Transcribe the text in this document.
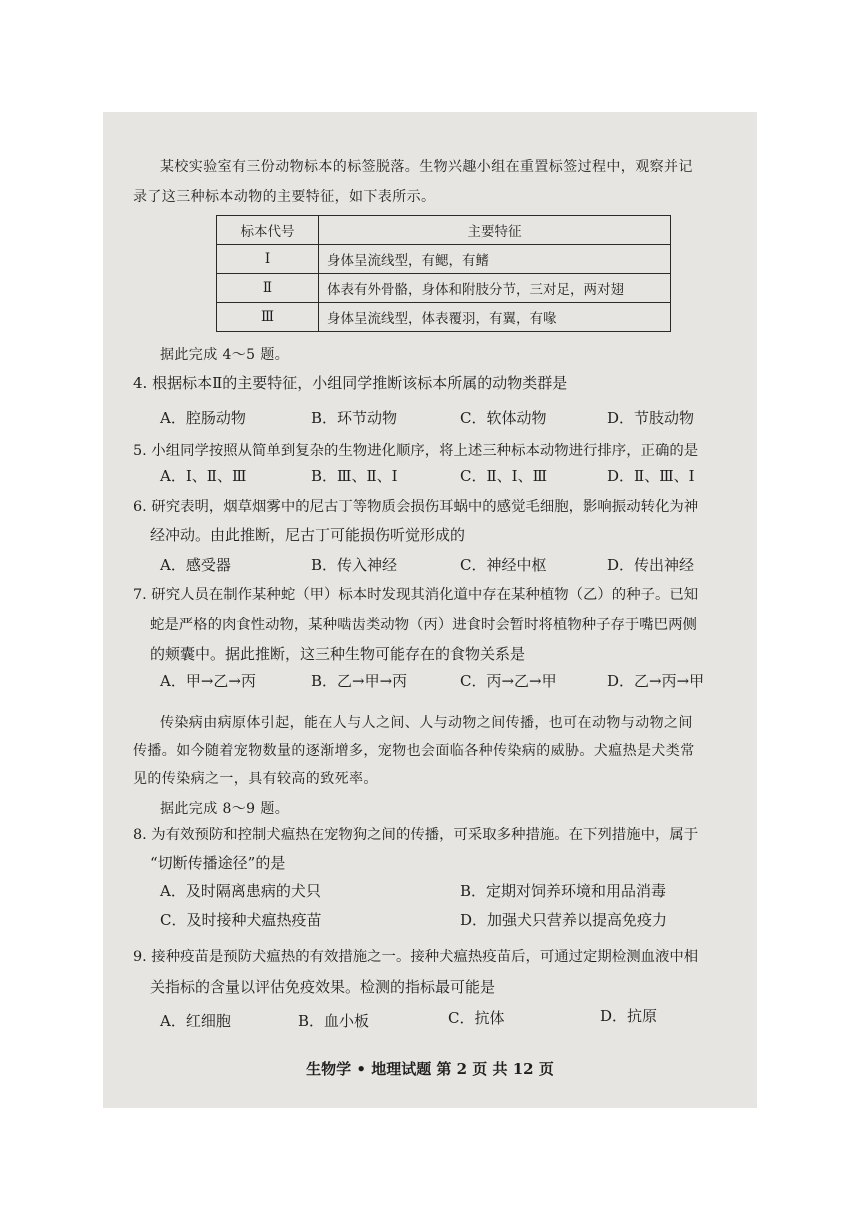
某校实验室有三份动物标本的标签脱落。生物兴趣小组在重置标签过程中，观察并记
录了这三种标本动物的主要特征，如下表所示。
标本代号	主要特征
Ⅰ	身体呈流线型，有鳃，有鳍
Ⅱ	体表有外骨骼，身体和附肢分节，三对足，两对翅
Ⅲ	身体呈流线型，体表覆羽，有翼，有喙
据此完成 4～5 题。
4. 根据标本Ⅱ的主要特征，小组同学推断该标本所属的动物类群是
A．腔肠动物	B．环节动物	C．软体动物	D．节肢动物
5. 小组同学按照从简单到复杂的生物进化顺序，将上述三种标本动物进行排序，正确的是
A．Ⅰ、Ⅱ、Ⅲ	B．Ⅲ、Ⅱ、Ⅰ	C．Ⅱ、Ⅰ、Ⅲ	D．Ⅱ、Ⅲ、Ⅰ
6. 研究表明，烟草烟雾中的尼古丁等物质会损伤耳蜗中的感觉毛细胞，影响振动转化为神
经冲动。由此推断，尼古丁可能损伤听觉形成的
A．感受器	B．传入神经	C．神经中枢	D．传出神经
7. 研究人员在制作某种蛇（甲）标本时发现其消化道中存在某种植物（乙）的种子。已知
蛇是严格的肉食性动物，某种啮齿类动物（丙）进食时会暂时将植物种子存于嘴巴两侧
的颊囊中。据此推断，这三种生物可能存在的食物关系是
A．甲→乙→丙	B．乙→甲→丙	C．丙→乙→甲	D．乙→丙→甲
传染病由病原体引起，能在人与人之间、人与动物之间传播，也可在动物与动物之间
传播。如今随着宠物数量的逐渐增多，宠物也会面临各种传染病的威胁。犬瘟热是犬类常
见的传染病之一，具有较高的致死率。
据此完成 8～9 题。
8. 为有效预防和控制犬瘟热在宠物狗之间的传播，可采取多种措施。在下列措施中，属于
“切断传播途径”的是
A．及时隔离患病的犬只	B．定期对饲养环境和用品消毒
C．及时接种犬瘟热疫苗	D．加强犬只营养以提高免疫力
9. 接种疫苗是预防犬瘟热的有效措施之一。接种犬瘟热疫苗后，可通过定期检测血液中相
关指标的含量以评估免疫效果。检测的指标最可能是
A．红细胞	B．血小板	C．抗体	D．抗原
生物学 • 地理试题 第 2 页 共 12 页
